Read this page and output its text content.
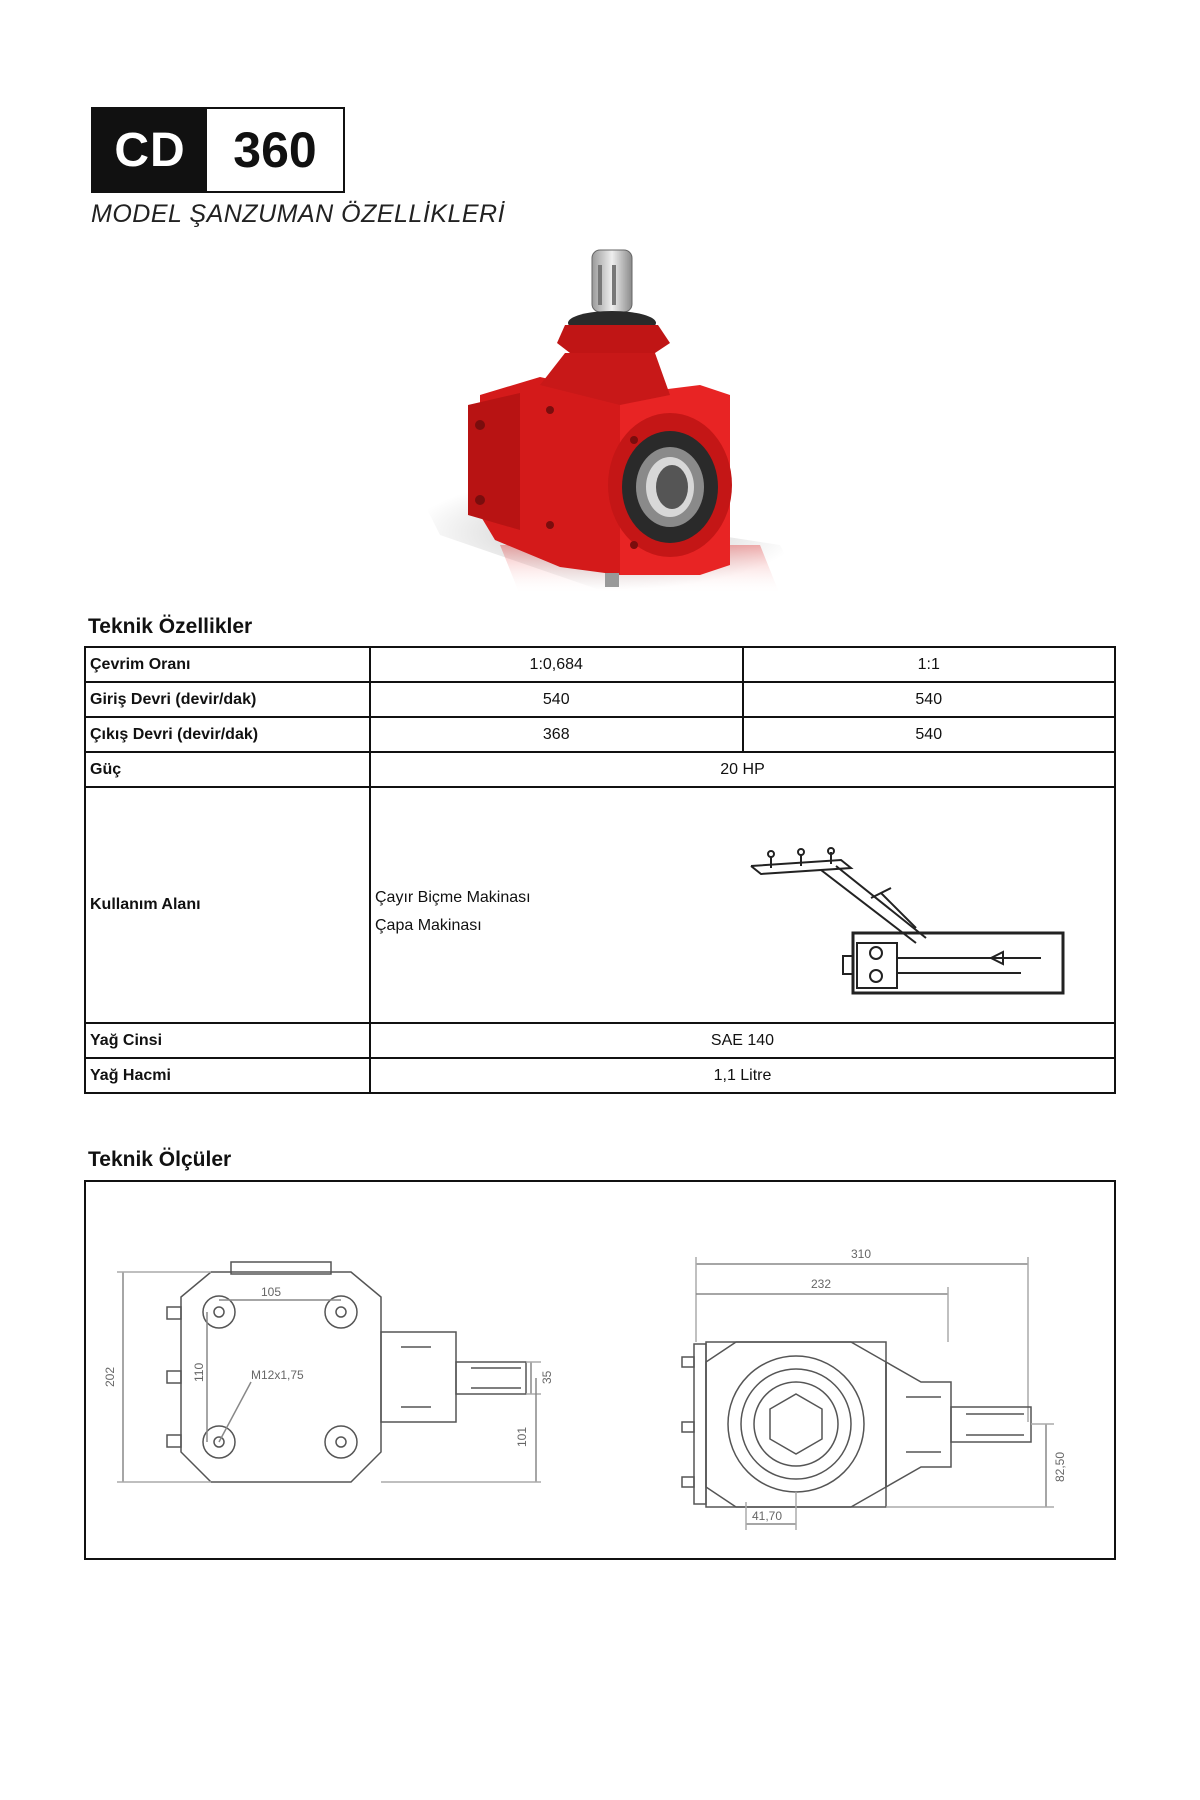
CD 360
MODEL ŞANZUMAN ÖZELLİKLERİ
Teknik Özellikler
Çevrim Oranı	1:0,684	1:1
Giriş Devri (devir/dak)	540	540
Çıkış Devri (devir/dak)	368	540
Güç	20 HP	
Kullanım Alanı	Çayır Biçme Makinası
Çapa Makinası	

Yağ Cinsi	SAE 140	
Yağ Hacmi	1,1 Litre	
Teknik Ölçüler
202
105
110	M12x1,75	35
101
310
232
82,50
41,70
